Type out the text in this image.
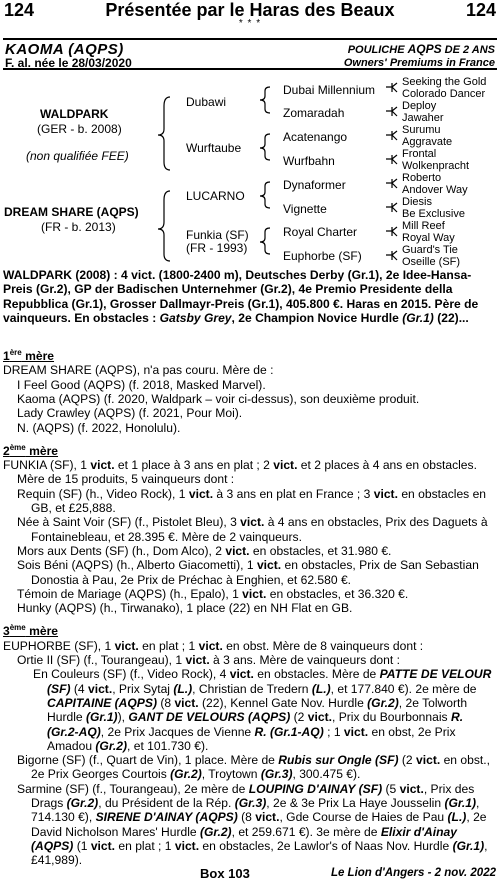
124	Présentée par le Haras des Beaux	124
* * *
KAOMA (AQPS)
F. al. née le 28/03/2020
POULICHE AQPS DE 2 ANS
Owners' Premiums in France
WALDPARK
(GER - b. 2008)
(non qualifiée FEE)
DREAM SHARE (AQPS)
(FR - b. 2013)
Dubawi
Wurftaube
LUCARNO
Funkia (SF)
(FR - 1993)
Dubai Millennium
Zomaradah
Acatenango
Wurfbahn
Dynaformer
Vignette
Royal Charter
Euphorbe (SF)
Seeking the Gold
Colorado Dancer
Deploy
Jawaher
Surumu
Aggravate
Frontal
Wolkenpracht
Roberto
Andover Way
Diesis
Be Exclusive
Mill Reef
Royal Way
Guard's Tie
Oseille (SF)
WALDPARK (2008) : 4 vict. (1800-2400 m), Deutsches Derby (Gr.1), 2e Idee-Hansa-Preis (Gr.2), GP der Badischen Unternehmer (Gr.2), 4e Premio Presidente della Repubblica (Gr.1), Grosser Dallmayr-Preis (Gr.1), 405.800 €. Haras en 2015. Père de vainqueurs. En obstacles : Gatsby Grey, 2e Champion Novice Hurdle (Gr.1) (22)...
1ère mère
DREAM SHARE (AQPS), n'a pas couru. Mère de :
I Feel Good (AQPS) (f. 2018, Masked Marvel).
Kaoma (AQPS) (f. 2020, Waldpark – voir ci-dessus), son deuxième produit.
Lady Crawley (AQPS) (f. 2021, Pour Moi).
N. (AQPS) (f. 2022, Honolulu).
2ème mère
FUNKIA (SF), 1 vict. et 1 place à 3 ans en plat ; 2 vict. et 2 places à 4 ans en obstacles. Mère de 15 produits, 5 vainqueurs dont :
Requin (SF) (h., Video Rock), 1 vict. à 3 ans en plat en France ; 3 vict. en obstacles en GB, et £25,888.
Née à Saint Voir (SF) (f., Pistolet Bleu), 3 vict. à 4 ans en obstacles, Prix des Daguets à Fontainebleau, et 28.395 €. Mère de 2 vainqueurs.
Mors aux Dents (SF) (h., Dom Alco), 2 vict. en obstacles, et 31.980 €.
Sois Béni (AQPS) (h., Alberto Giacometti), 1 vict. en obstacles, Prix de San Sebastian Donostia à Pau, 2e Prix de Préchac à Enghien, et 62.580 €.
Témoin de Mariage (AQPS) (h., Epalo), 1 vict. en obstacles, et 36.320 €.
Hunky (AQPS) (h., Tirwanako), 1 place (22) en NH Flat en GB.
3ème mère
EUPHORBE (SF), 1 vict. en plat ; 1 vict. en obst. Mère de 8 vainqueurs dont :
Ortie II (SF) (f., Tourangeau), 1 vict. à 3 ans. Mère de vainqueurs dont :
En Couleurs (SF) (f., Video Rock), 4 vict. en obstacles. Mère de PATTE DE VELOUR (SF) (4 vict., Prix Sytaj (L.), Christian de Tredern (L.), et 177.840 €). 2e mère de CAPITAINE (AQPS) (8 vict. (22), Kennel Gate Nov. Hurdle (Gr.2), 2e Tolworth Hurdle (Gr.1)), GANT DE VELOURS (AQPS) (2 vict., Prix du Bourbonnais R. (Gr.2-AQ), 2e Prix Jacques de Vienne R. (Gr.1-AQ) ; 1 vict. en obst, 2e Prix Amadou (Gr.2), et 101.730 €).
Bigorne (SF) (f., Quart de Vin), 1 place. Mère de Rubis sur Ongle (SF) (2 vict. en obst., 2e Prix Georges Courtois (Gr.2), Troytown (Gr.3), 300.475 €).
Sarmine (SF) (f., Tourangeau), 2e mère de LOUPING D'AINAY (SF) (5 vict., Prix des Drags (Gr.2), du Président de la Rép. (Gr.3), 2e & 3e Prix La Haye Jousselin (Gr.1), 714.130 €), SIRENE D'AINAY (AQPS) (8 vict., Gde Course de Haies de Pau (L.), 2e David Nicholson Mares' Hurdle (Gr.2), et 259.671 €). 3e mère de Elixir d'Ainay (AQPS) (1 vict. en plat ; 1 vict. en obstacles, 2e Lawlor's of Naas Nov. Hurdle (Gr.1), £41,989).
Box 103	Le Lion d'Angers - 2 nov. 2022
